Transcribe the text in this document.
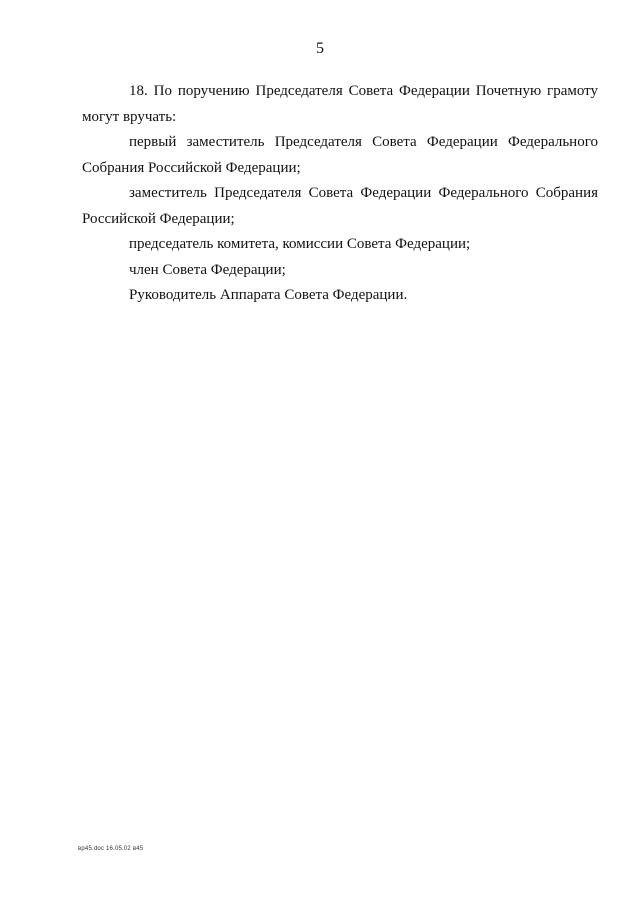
5
18. По поручению Председателя Совета Федерации Почетную грамоту
могут вручать:
первый заместитель Председателя Совета Федерации Федерального
Собрания Российской Федерации;
заместитель Председателя Совета Федерации Федерального Собрания
Российской Федерации;
председатель комитета, комиссии Совета Федерации;
член Совета Федерации;
Руководитель Аппарата Совета Федерации.
вр45.doc 16.05.02 в45
